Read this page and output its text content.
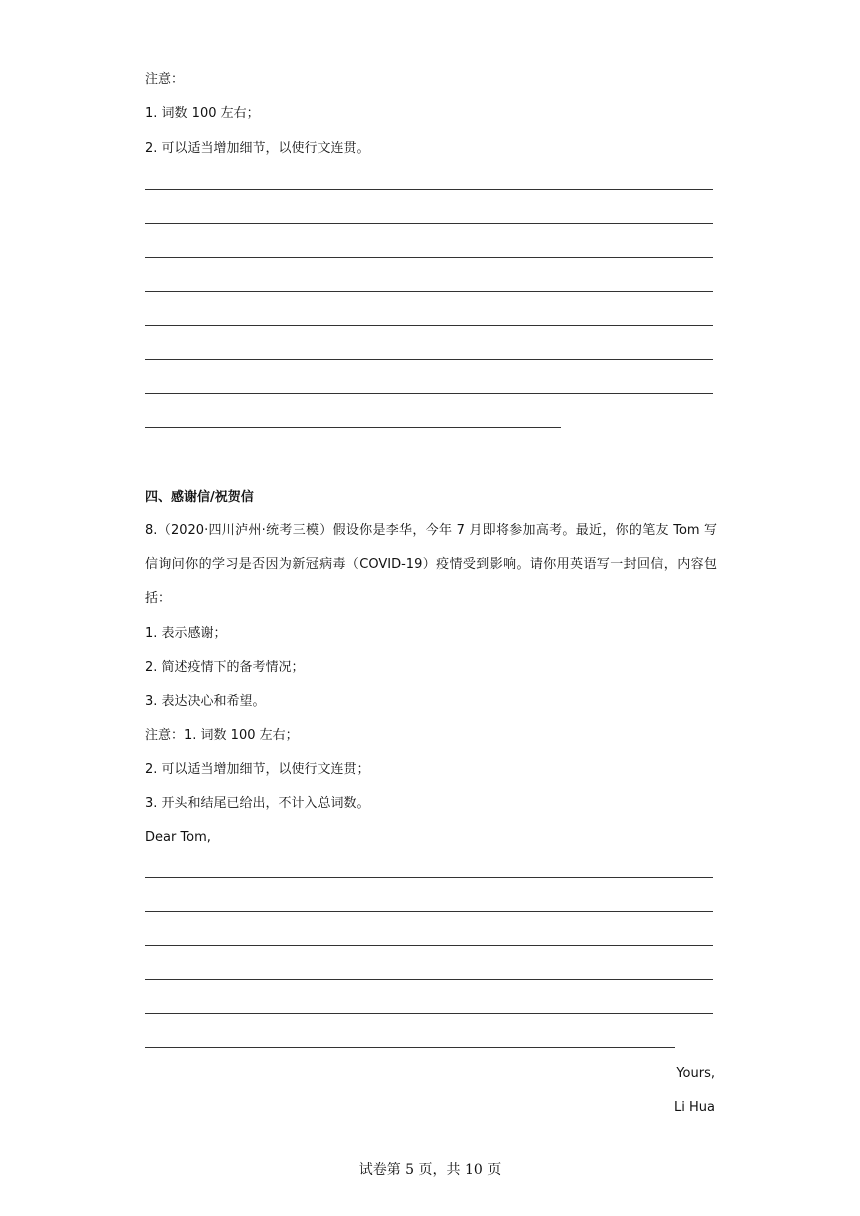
注意：
1. 词数 100 左右；
2. 可以适当增加细节，以使行文连贯。
四、感谢信/祝贺信
8.（2020·四川泸州·统考三模）假设你是李华，今年 7 月即将参加高考。最近，你的笔友 Tom 写信询问你的学习是否因为新冠病毒（COVID-19）疫情受到影响。请你用英语写一封回信，内容包括：
1. 表示感谢；
2. 简述疫情下的备考情况；
3. 表达决心和希望。
注意：1. 词数 100 左右；
2. 可以适当增加细节，以使行文连贯；
3. 开头和结尾已给出，不计入总词数。
Dear Tom,
Yours,
Li Hua
试卷第 5 页，共 10 页
